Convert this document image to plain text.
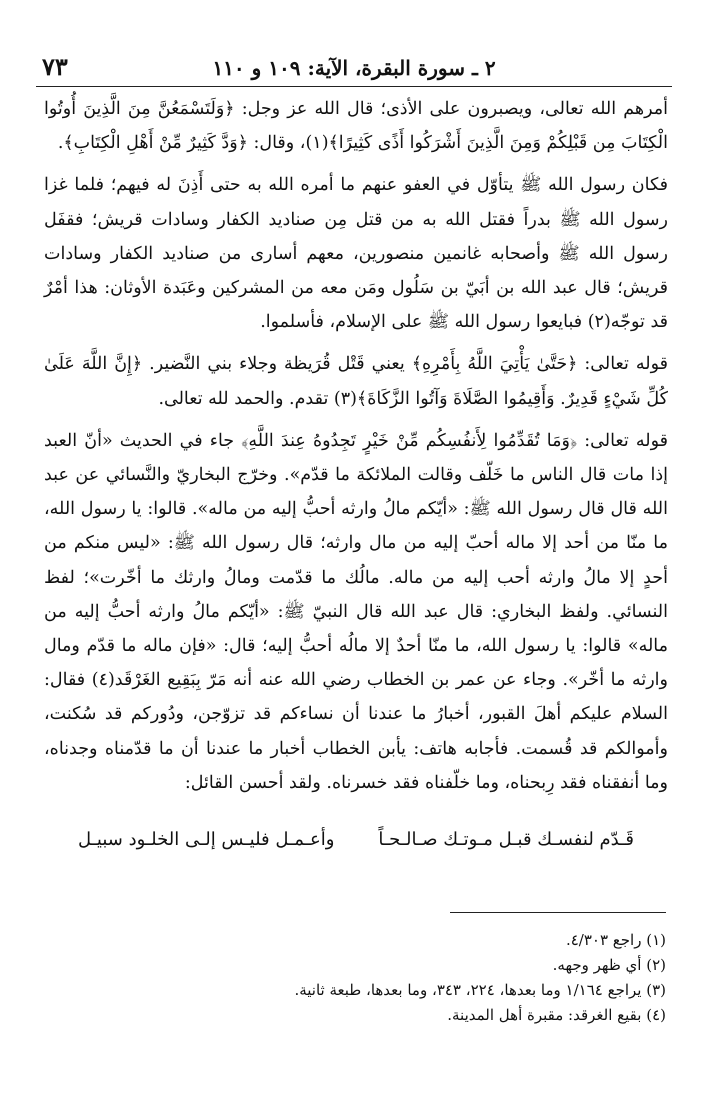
٧٣	٢ ـ سورة البقرة، الآية: ١٠٩ و ١١٠

أمرهم الله تعالى، ويصبرون على الأذى؛ قال الله عز وجل: ﴿وَلَتَسْمَعُنَّ مِنَ الَّذِينَ أُوتُوا الْكِتَابَ مِن قَبْلِكُمْ وَمِنَ الَّذِينَ أَشْرَكُوا أَذًى كَثِيرًا﴾(١)، وقال: ﴿وَدَّ كَثِيرٌ مِّنْ أَهْلِ الْكِتَابِ﴾.

فكان رسول الله ﷺ يتأوّل في العفو عنهم ما أمره الله به حتى أَذِنَ له فيهم؛ فلما غزا رسول الله ﷺ بدراً فقتل الله به من قتل مِن صناديد الكفار وسادات قريش؛ فقفَل رسول الله ﷺ وأصحابه غانمين منصورين، معهم أسارى من صناديد الكفار وسادات قريش؛ قال عبد الله بن أبَيّ بن سَلُول ومَن معه من المشركين وعَبَدة الأوثان: هذا أمْرٌ قد توجّه(٢) فبايعوا رسول الله ﷺ على الإسلام، فأسلموا.

قوله تعالى: ﴿حَتَّىٰ يَأْتِيَ اللَّهُ بِأَمْرِهِ﴾ يعني قَتْل قُرَيظة وجلاء بني النَّضير. ﴿إِنَّ اللَّهَ عَلَىٰ كُلِّ شَيْءٍ قَدِيرٌ. وَأَقِيمُوا الصَّلَاةَ وَآتُوا الزَّكَاةَ﴾(٣) تقدم. والحمد لله تعالى.

قوله تعالى: ﴿وَمَا تُقَدِّمُوا لِأَنفُسِكُم مِّنْ خَيْرٍ تَجِدُوهُ عِندَ اللَّهِ﴾ جاء في الحديث «أنّ العبد إذا مات قال الناس ما خَلّف وقالت الملائكة ما قدّم». وخرّج البخاريّ والنَّسائي عن عبد الله قال قال رسول الله ﷺ: «أيّكم مالُ وارثه أحبُّ إليه من ماله». قالوا: يا رسول الله، ما منّا من أحد إلا ماله أحبّ إليه من مال وارثه؛ قال رسول الله ﷺ: «ليس منكم من أحدٍ إلا مالُ وارثه أحب إليه من ماله. مالُك ما قدّمت ومالُ وارثك ما أخّرت»؛ لفظ النسائي. ولفظ البخاري: قال عبد الله قال النبيّ ﷺ: «أيّكم مالُ وارثه أحبُّ إليه من ماله» قالوا: يا رسول الله، ما منّا أحدٌ إلا مالُه أحبُّ إليه؛ قال: «فإن ماله ما قدّم ومال وارثه ما أخّر». وجاء عن عمر بن الخطاب رضي الله عنه أنه مَرّ بِبَقِيع الغَرْقَد(٤) فقال: السلام عليكم أهلَ القبور، أخبارُ ما عندنا أن نساءكم قد تزوّجن، ودُوركم قد سُكنت، وأموالكم قد قُسمت. فأجابه هاتف: يأبن الخطاب أخبار ما عندنا أن ما قدّمناه وجدناه، وما أنفقناه فقد رِبحناه، وما خلّفناه فقد خسرناه. ولقد أحسن القائل:

قَـدّم لنفسـك قبـل مـوتـك صـالـحـاً
وأعـمـل فليـس إلـى الخلـود سبيـل
(١) راجع ٤/٣٠٣.
(٢) أي ظهر وجهه.
(٣) يراجع ١/١٦٤ وما بعدها، ٢٢٤، ٣٤٣، وما بعدها، طبعة ثانية.
(٤) بقيع الغرقد: مقبرة أهل المدينة.
